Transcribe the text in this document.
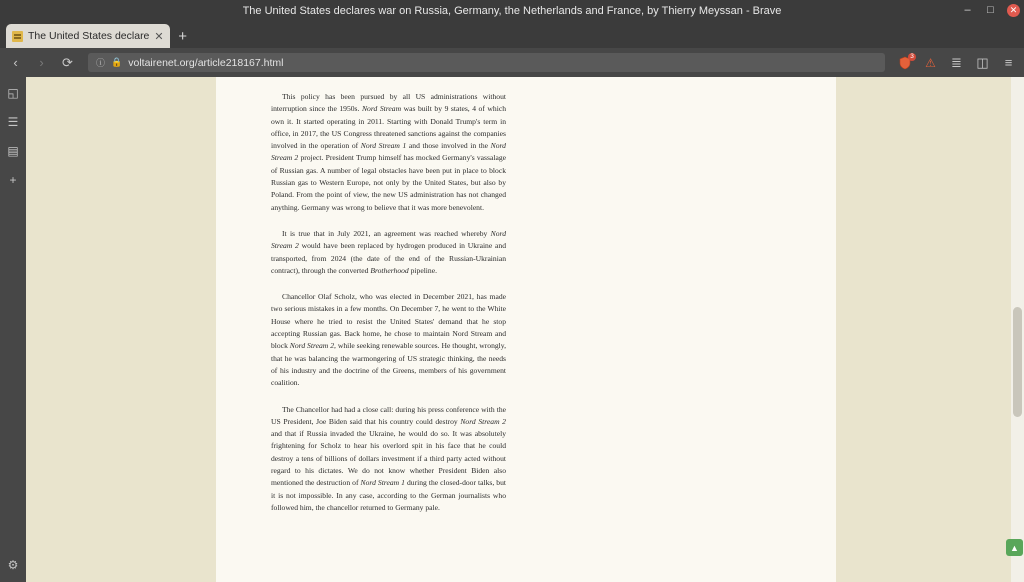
The United States declares war on Russia, Germany, the Netherlands and France, by Thierry Meyssan - Brave	–	□	✕
The United States declare ✕ +
‹	›	⟳	ⓘ 🔒 voltairenet.org/article218167.html
3 ⚠ ≣ ◫	≡
◱
☰
▤
+
⚙

This policy has been pursued by all US administrations without interruption since the 1950s. Nord Stream was built by 9 states, 4 of which own it. It started operating in 2011. Starting with Donald Trump's term in office, in 2017, the US Congress threatened sanctions against the companies involved in the operation of Nord Stream 1 and those involved in the Nord Stream 2 project. President Trump himself has mocked Germany's vassalage of Russian gas. A number of legal obstacles have been put in place to block Russian gas to Western Europe, not only by the United States, but also by Poland. From the point of view, the new US administration has not changed anything. Germany was wrong to believe that it was more benevolent.

It is true that in July 2021, an agreement was reached whereby Nord Stream 2 would have been replaced by hydrogen produced in Ukraine and transported, from 2024 (the date of the end of the Russian-Ukrainian contract), through the converted Brotherhood pipeline.

Chancellor Olaf Scholz, who was elected in December 2021, has made two serious mistakes in a few months. On December 7, he went to the White House where he tried to resist the United States' demand that he stop accepting Russian gas. Back home, he chose to maintain Nord Stream and block Nord Stream 2, while seeking renewable sources. He thought, wrongly, that he was balancing the warmongering of US strategic thinking, the needs of his industry and the doctrine of the Greens, members of his government coalition.

The Chancellor had had a close call: during his press conference with the US President, Joe Biden said that his country could destroy Nord Stream 2 and that if Russia invaded the Ukraine, he would do so. It was absolutely frightening for Scholz to hear his overlord spit in his face that he could destroy a tens of billions of dollars investment if a third party acted without regard to his dictates. We do not know whether President Biden also mentioned the destruction of Nord Stream 1 during the closed-door talks, but it is not impossible. In any case, according to the German journalists who followed him, the chancellor returned to Germany pale.

▲
